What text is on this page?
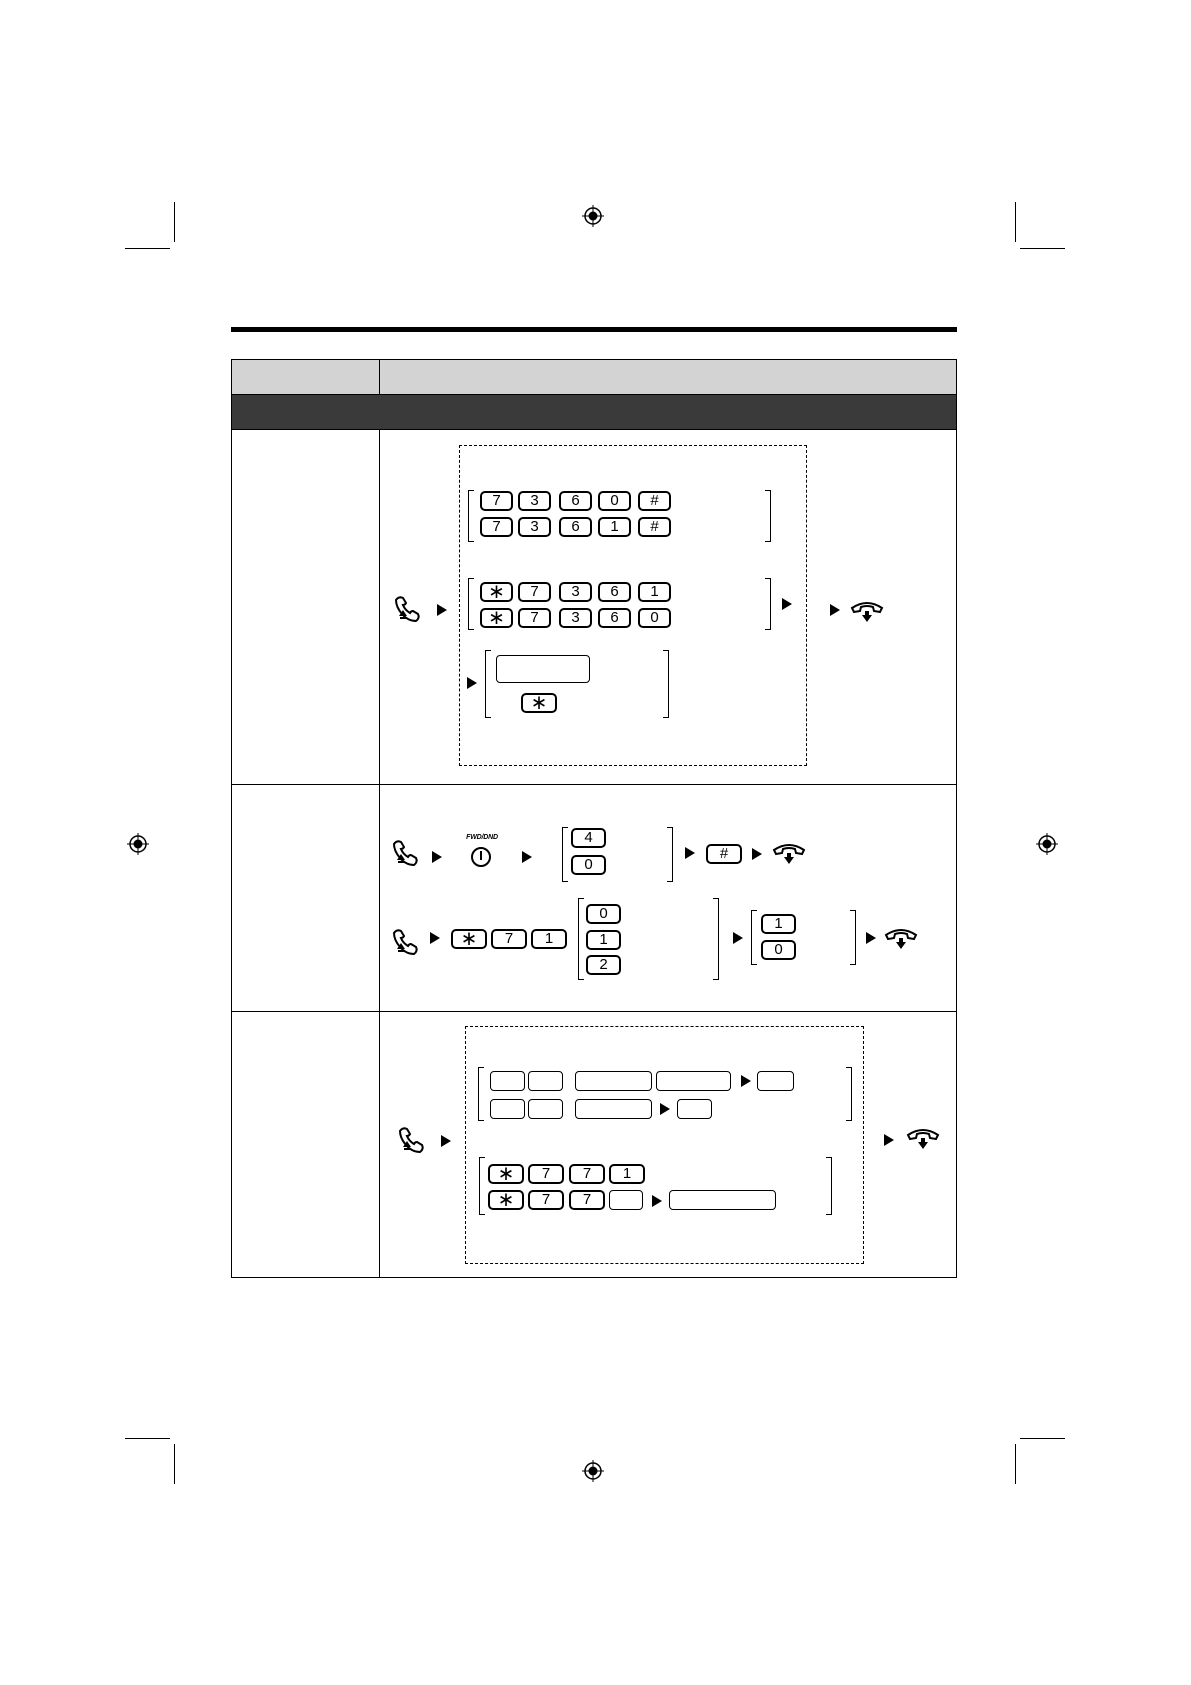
7	3	6	0	#
7	3	6	1	#
∗	7	3	6	1
∗	7	3	6	0
∗
FWD/DND	4
0
#
∗	7	1
0
1
2
1
0
∗	7	7	1
∗	7	7
